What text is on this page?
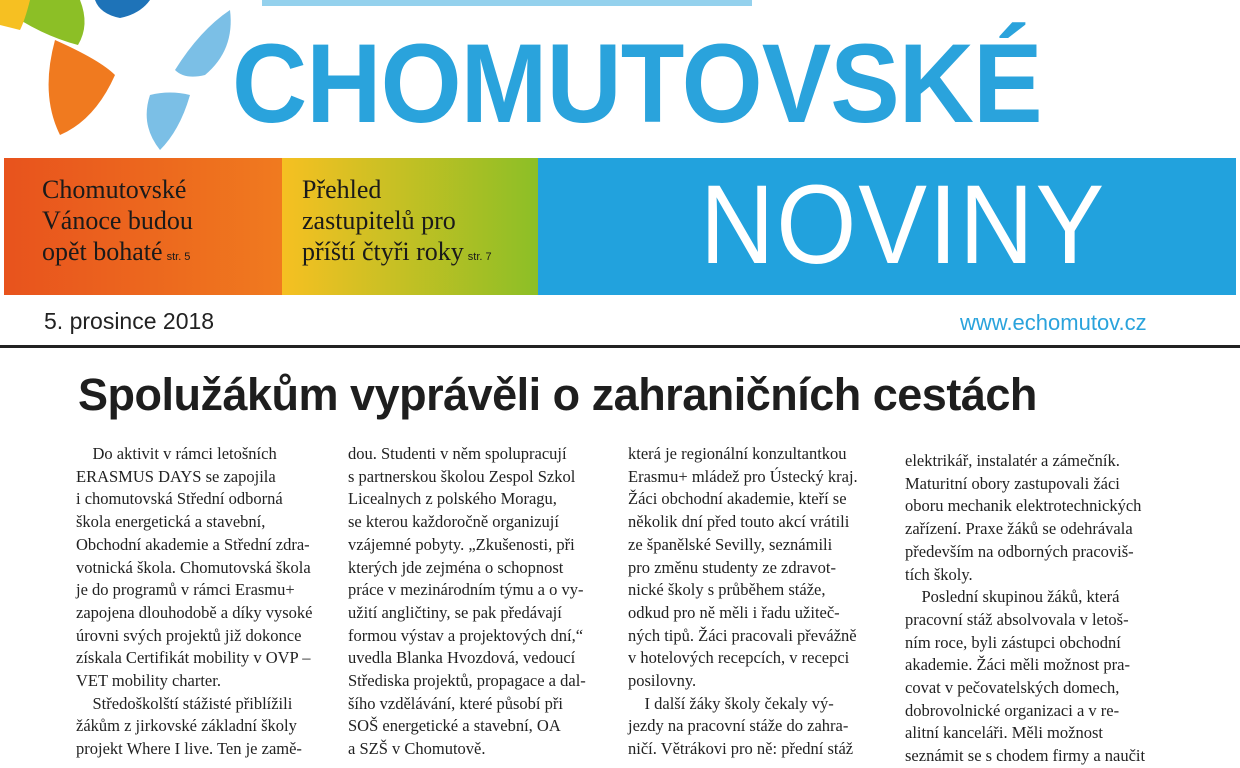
CHOMUTOVSKÉ
Chomutovské
Vánoce budou
opět bohaté str. 5
Přehled
zastupitelů pro
příští čtyři roky str. 7	NOVINY
5. prosince 2018	www.echomutov.cz
Spolužákům vyprávěli o zahraničních cestách
Do aktivit v rámci letošních
ERASMUS DAYS se zapojila
i chomutovská Střední odborná
škola energetická a stavební,
Obchodní akademie a Střední zdra-
votnická škola. Chomutovská škola
je do programů v rámci Erasmu+
zapojena dlouhodobě a díky vysoké
úrovni svých projektů již dokonce
získala Certifikát mobility v OVP –
VET mobility charter.
Středoškolští stážisté přiblížili
žákům z jirkovské základní školy
projekt Where I live. Ten je zamě-
dou. Studenti v něm spolupracují
s partnerskou školou Zespol Szkol
Licealnych z polského Moragu,
se kterou každoročně organizují
vzájemné pobyty. „Zkušenosti, při
kterých jde zejména o schopnost
práce v mezinárodním týmu a o vy-
užití angličtiny, se pak předávají
formou výstav a projektových dní,“
uvedla Blanka Hvozdová, vedoucí
Střediska projektů, propagace a dal-
šího vzdělávání, které působí při
SOŠ energetické a stavební, OA
a SZŠ v Chomutově.
která je regionální konzultantkou
Erasmu+ mládež pro Ústecký kraj.
Žáci obchodní akademie, kteří se
několik dní před touto akcí vrátili
ze španělské Sevilly, seznámili
pro změnu studenty ze zdravot-
nické školy s průběhem stáže,
odkud pro ně měli i řadu užiteč-
ných tipů. Žáci pracovali převážně
v hotelových recepcích, v recepci
posilovny.
I další žáky školy čekaly vý-
jezdy na pracovní stáže do zahra-
ničí. Větrákovi pro ně: přední stáž
elektrikář, instalatér a zámečník.
Maturitní obory zastupovali žáci
oboru mechanik elektrotechnických
zařízení. Praxe žáků se odehrávala
především na odborných pracoviš-
tích školy.
Poslední skupinou žáků, která
pracovní stáž absolvovala v letoš-
ním roce, byli zástupci obchodní
akademie. Žáci měli možnost pra-
covat v pečovatelských domech,
dobrovolnické organizaci a v re-
alitní kanceláři. Měli možnost
seznámit se s chodem firmy a naučit
